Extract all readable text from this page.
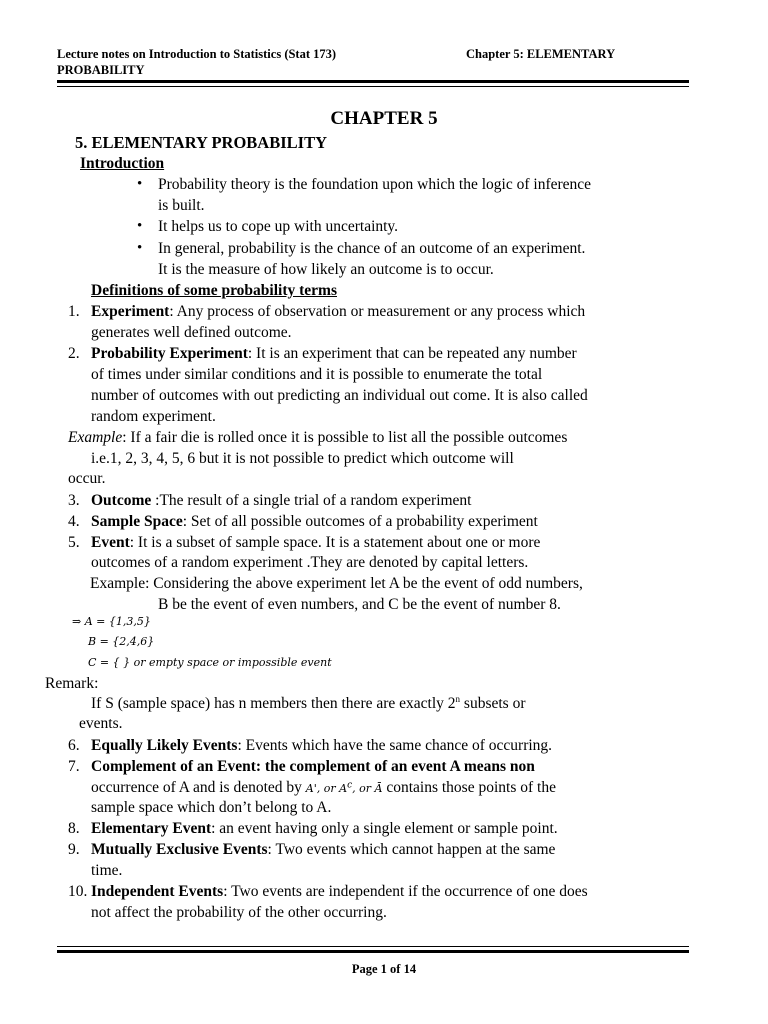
Lecture notes on Introduction to Statistics (Stat 173)
PROBABILITY
Chapter 5: ELEMENTARY
CHAPTER 5
5. ELEMENTARY PROBABILITY
Introduction
• Probability theory is the foundation upon which the logic of inference
is built.
• It helps us to cope up with uncertainty.
• In general, probability is the chance of an outcome of an experiment.
It is the measure of how likely an outcome is to occur.
Definitions of some probability terms
1. Experiment: Any process of observation or measurement or any process which
generates well defined outcome.
2. Probability Experiment: It is an experiment that can be repeated any number
of times under similar conditions and it is possible to enumerate the total
number of outcomes with out predicting an individual out come. It is also called
random experiment.
Example: If a fair die is rolled once it is possible to list all the possible outcomes
i.e.1, 2, 3, 4, 5, 6 but it is not possible to predict which outcome will
occur.
3. Outcome :The result of a single trial of a random experiment
4. Sample Space: Set of all possible outcomes of a probability experiment
5. Event: It is a subset of sample space. It is a statement about one or more
outcomes of a random experiment .They are denoted by capital letters.
Example: Considering the above experiment let A be the event of odd numbers,
B be the event of even numbers, and C be the event of number 8.
⇒ A = {1,3,5}
B = {2,4,6}
C = { } or empty space or impossible event
Remark:
If S (sample space) has n members then there are exactly 2$^n$ subsets or
events.
6. Equally Likely Events: Events which have the same chance of occurring.
7. Complement of an Event: the complement of an event A means non
occurrence of A and is denoted by A', or $A^c$, or Ā contains those points of the
sample space which don’t belong to A.
8. Elementary Event: an event having only a single element or sample point.
9. Mutually Exclusive Events: Two events which cannot happen at the same
time.
10. Independent Events: Two events are independent if the occurrence of one does
not affect the probability of the other occurring.
Page 1 of 14
